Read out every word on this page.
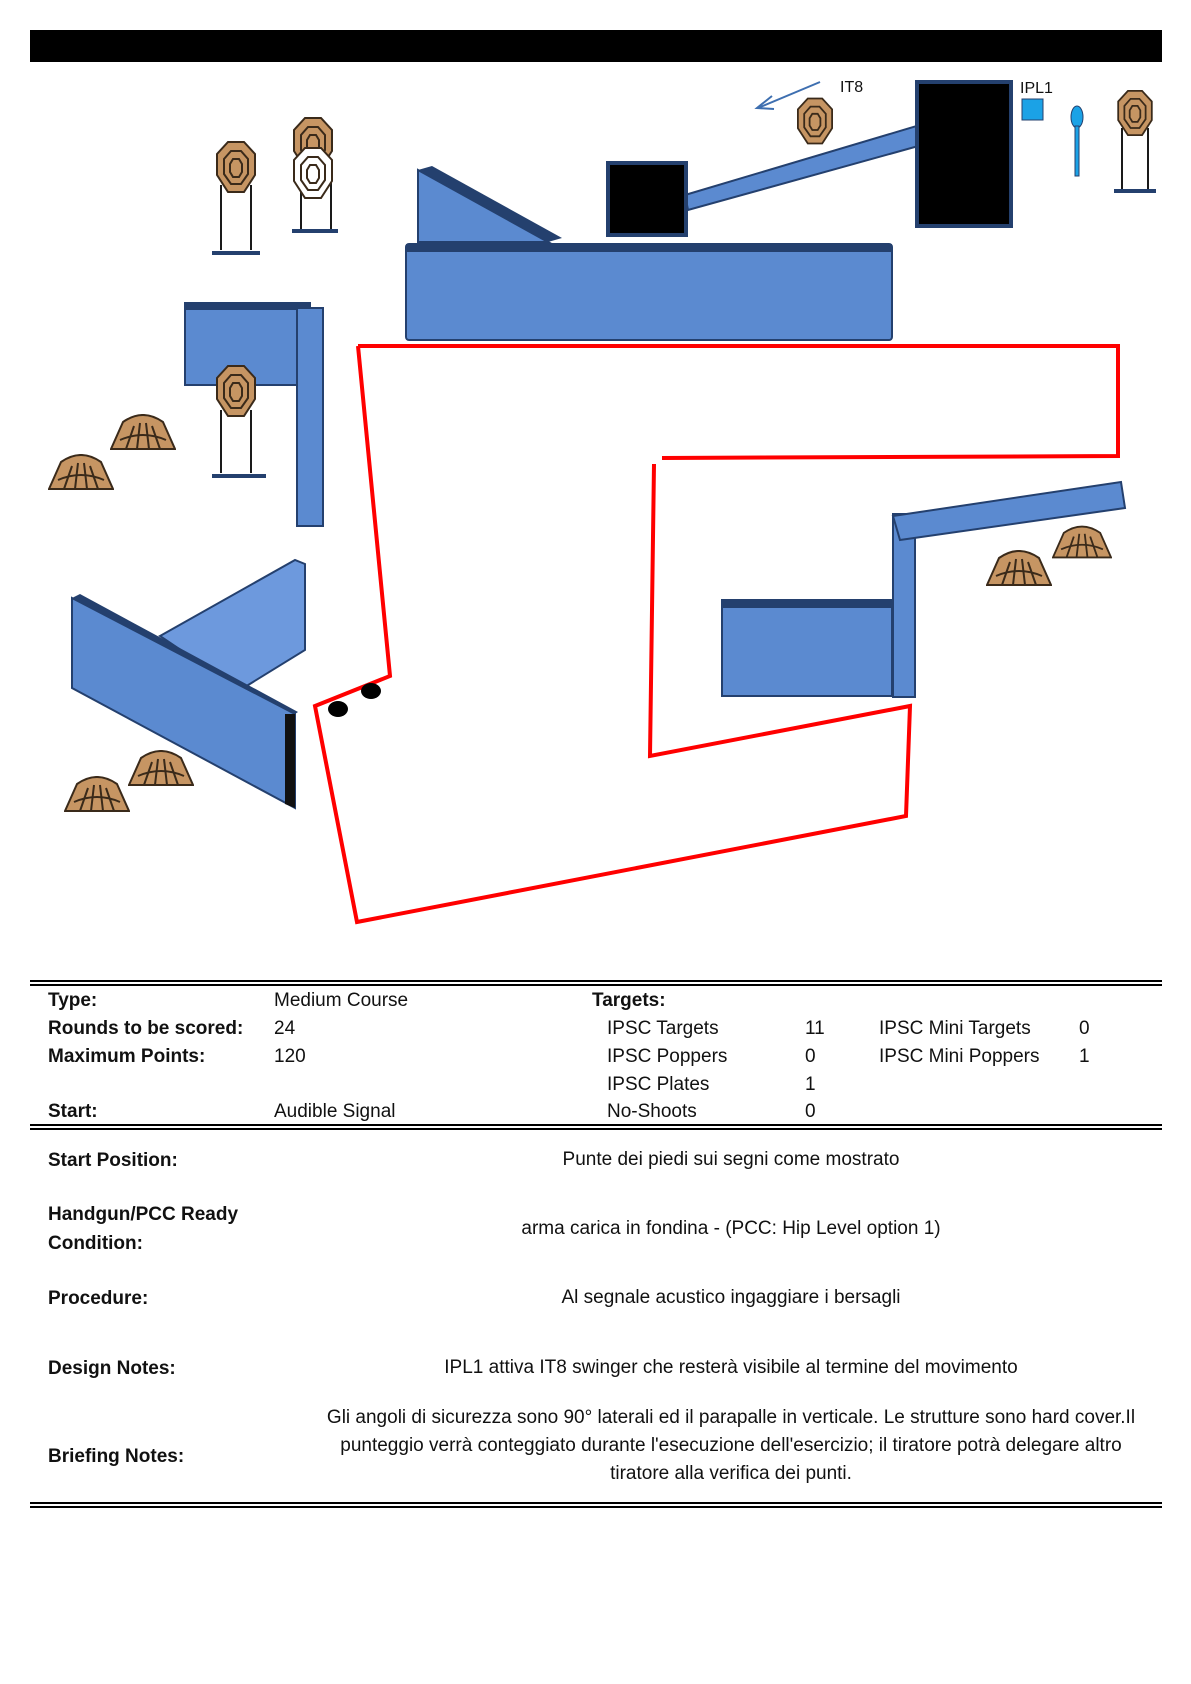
IPL1
IT8
Type:	Medium Course	Targets:
Rounds to be scored: 24	IPSC Targets	11	IPSC Mini Targets	0
Maximum Points:	120	IPSC Poppers	0	IPSC Mini Poppers 1
IPSC Plates	1
Start:	Audible Signal	No-Shoots	0
Start Position:	Punte dei piedi sui segni come mostrato
Handgun/PCC Ready
Condition:
arma carica in fondina - (PCC: Hip Level option 1)
Procedure:	Al segnale acustico ingaggiare i bersagli
Design Notes:	IPL1 attiva IT8 swinger che resterà visibile al termine del movimento
Briefing Notes:
Gli angoli di sicurezza sono 90° laterali ed il parapalle in verticale. Le strutture sono hard cover.Il punteggio verrà conteggiato durante l'esecuzione dell'esercizio; il tiratore potrà delegare altro tiratore alla verifica dei punti.
